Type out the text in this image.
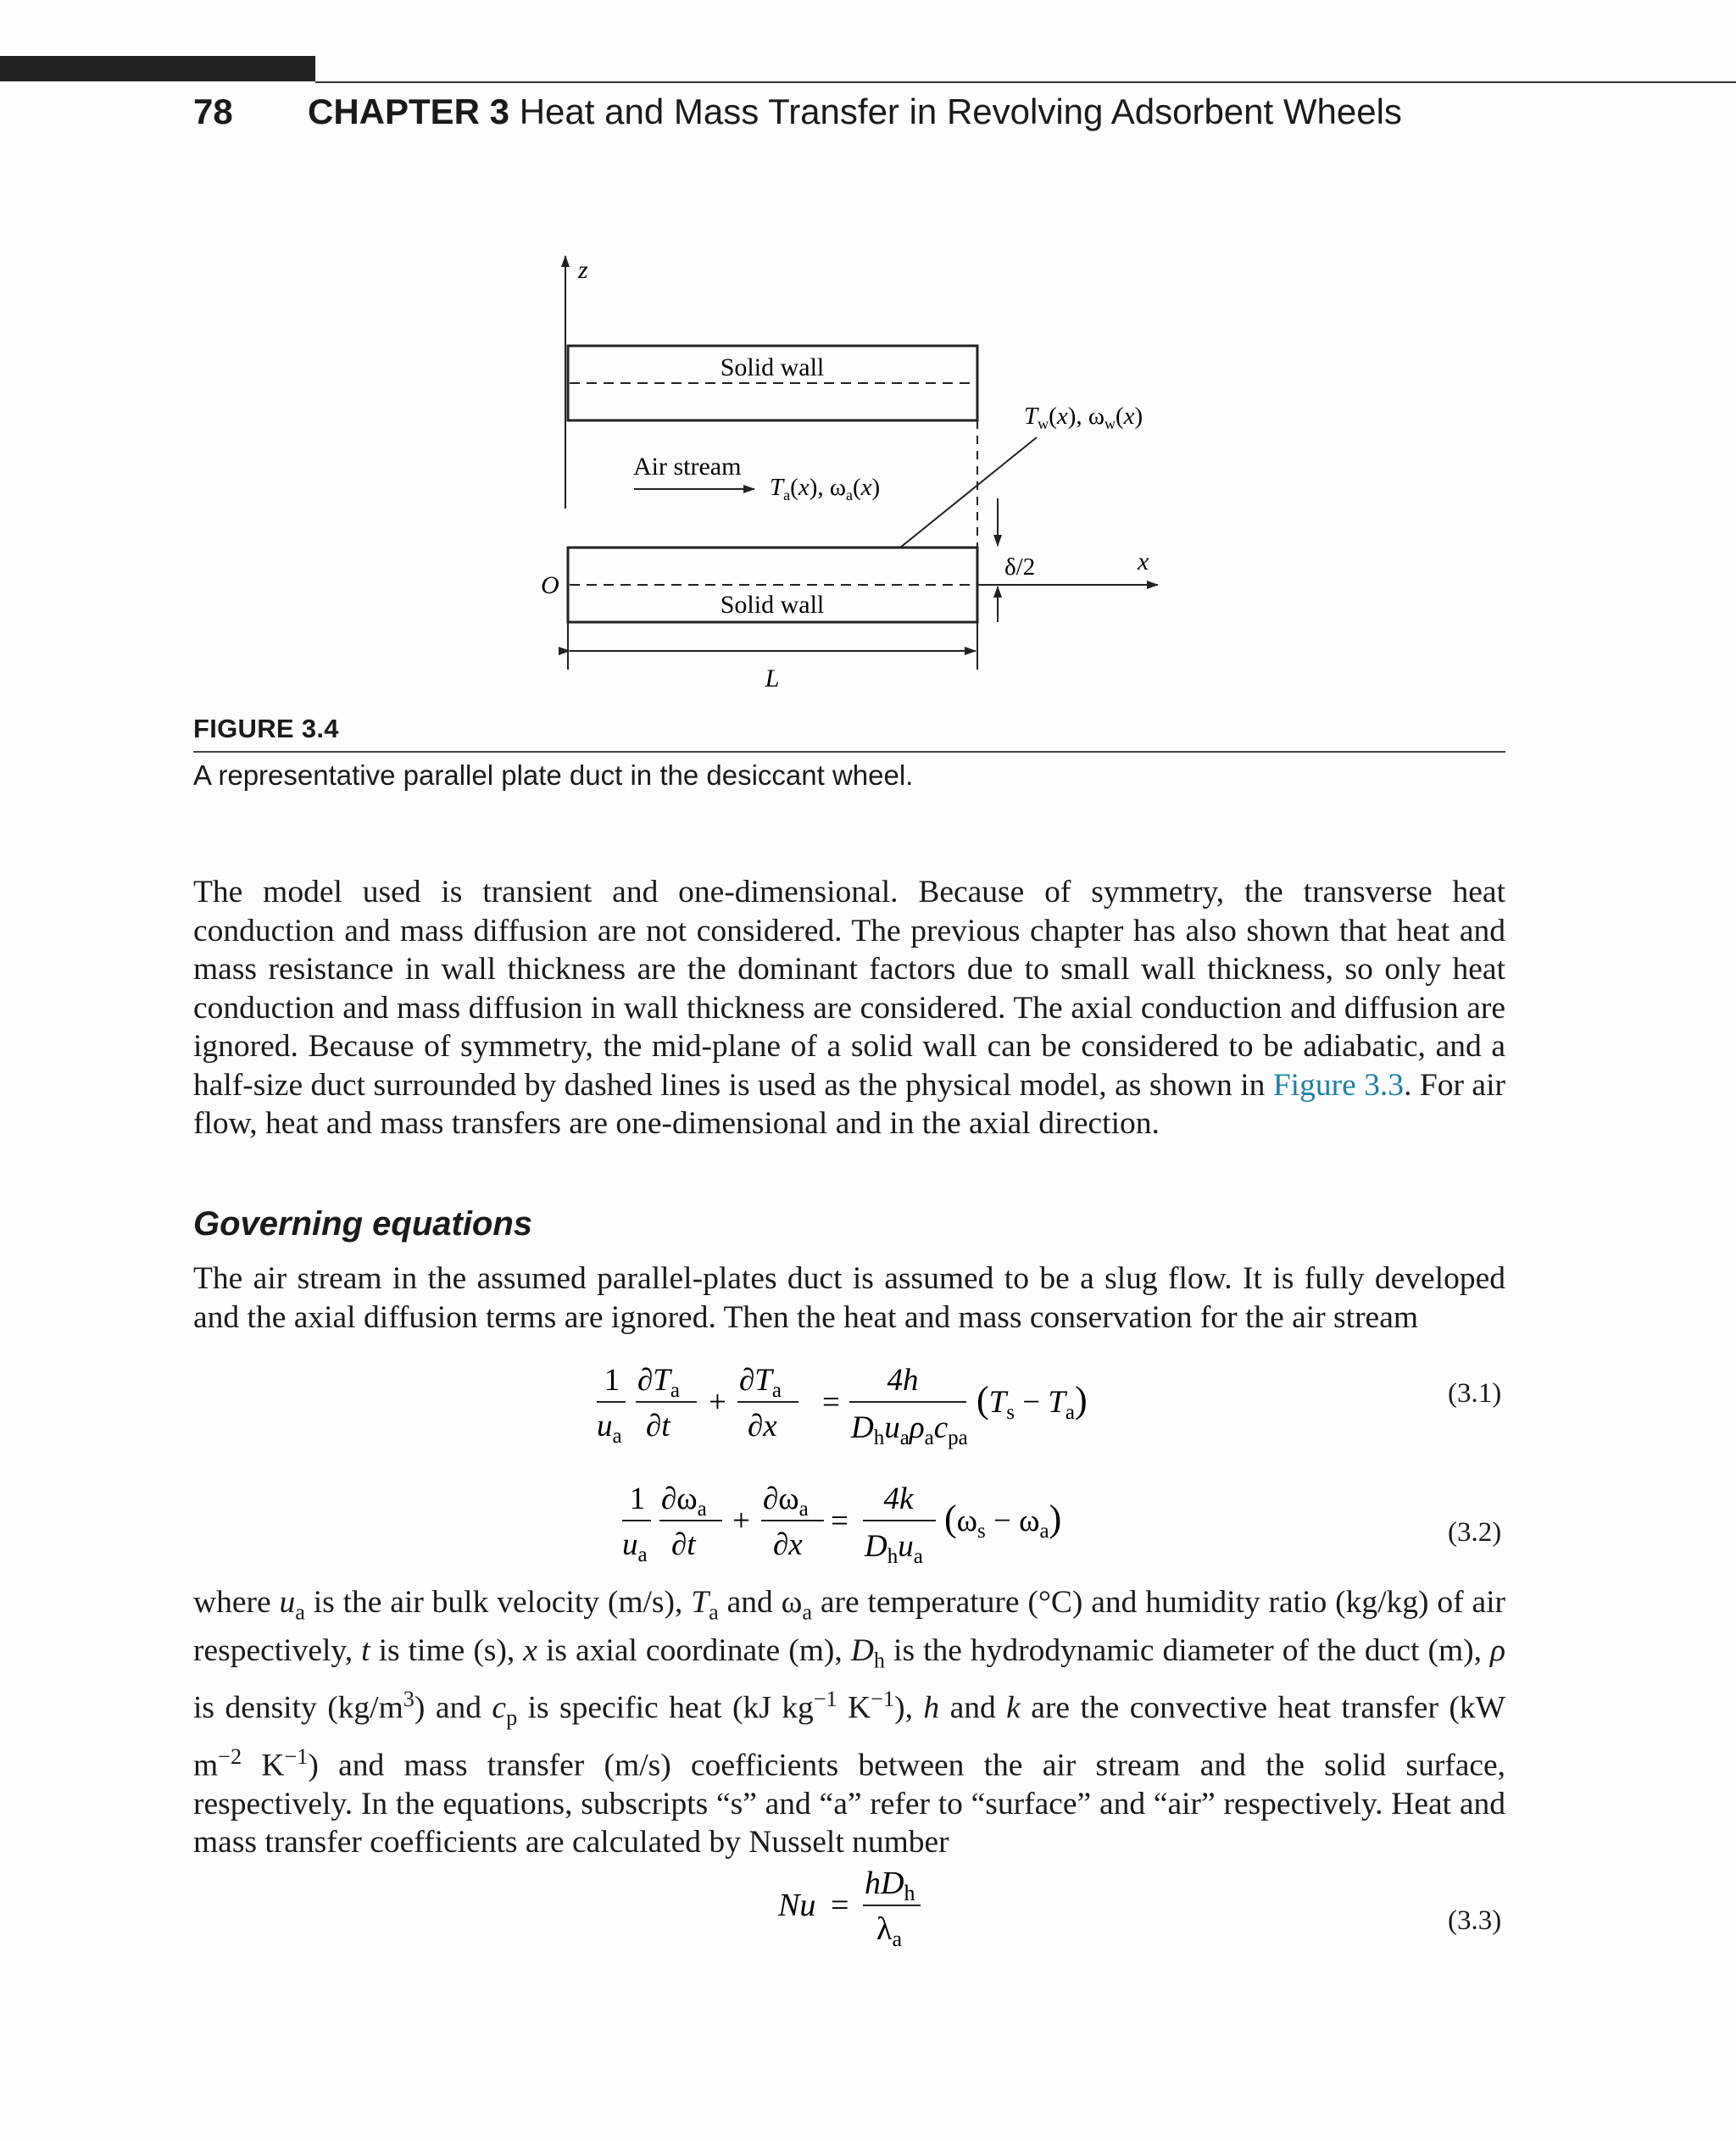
78 CHAPTER 3 Heat and Mass Transfer in Revolving Adsorbent Wheels
z
Solid wall
Solid wall
O
Air stream
$T_a(x)$, $\omega_a(x)$
$T_w(x)$, $\omega_w(x)$
x
δ/2
L
FIGURE 3.4
A representative parallel plate duct in the desiccant wheel.
The model used is transient and one-dimensional. Because of symmetry, the transverse heat conduction and mass diffusion are not considered. The previous chapter has also shown that heat and mass resistance in wall thickness are the dominant factors due to small wall thickness, so only heat conduction and mass diffusion in wall thickness are considered. The axial conduction and diffusion are ignored. Because of symmetry, the mid-plane of a solid wall can be considered to be adiabatic, and a half-size duct surrounded by dashed lines is used as the physical model, as shown in Figure 3.3. For air flow, heat and mass transfers are one-dimensional and in the axial direction.
Governing equations
The air stream in the assumed parallel-plates duct is assumed to be a slug flow. It is fully developed and the axial diffusion terms are ignored. Then the heat and mass conservation for the air stream
1
$u_a$
$\partial T_a$
∂t
+
$\partial T_a$
∂x
=
4h
$D_hu_a\rho_ac_{pa}$
$(T_s - T_a)$	(3.1)
1
$u_a$
$\partial\omega_a$
∂t
+
$\partial\omega_a$
∂x
=
4k
$D_hu_a$
$(\omega_s - \omega_a)$	(3.2)
where $u_a$ is the air bulk velocity (m/s), $T_a$ and $\omega_a$ are temperature (°C) and humidity ratio (kg/kg) of air respectively, t is time (s), x is axial coordinate (m), $D_h$ is the hydrodynamic diameter of the duct (m), ρ is density $(kg/m^3)$ and $c_p$ is specific heat (kJ $kg^{-1}$ $K^{-1}$), h and k are the convective heat transfer (kW $m^{-2}$ $K^{-1}$) and mass transfer (m/s) coefficients between the air stream and the solid surface, respectively. In the equations, subscripts “s” and “a” refer to “surface” and “air” respectively. Heat and mass transfer coefficients are calculated by Nusselt number
Nu =
$hD_h$
$\lambda_a$
(3.3)
